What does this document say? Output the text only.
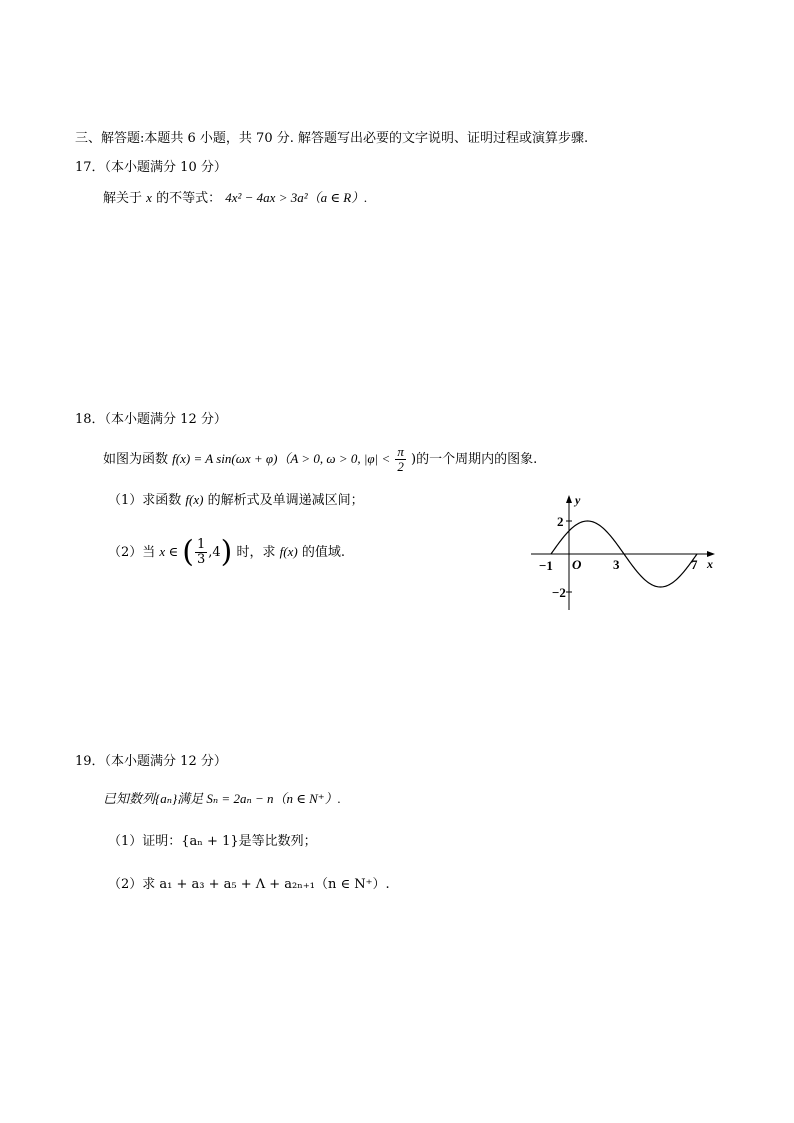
三、解答题:本题共 6 小题，共 70 分. 解答题写出必要的文字说明、证明过程或演算步骤.
17．（本小题满分 10 分）
解关于 x 的不等式： 4x² − 4ax > 3a²（a ∈ R）.
18．（本小题满分 12 分）
如图为函数 f(x) = A sin(ωx + φ)（A > 0, ω > 0, $|\varphi| < \frac{\pi}{2}$ )的一个周期内的图象.
（1）求函数 f(x) 的解析式及单调递减区间；
（2）当 x ∈ ( $\frac{1}{3} ,4$) 时，求 f(x) 的值域.
y
x
O
−1	3	7
2
−2
19．（本小题满分 12 分）
已知数列{aₙ}满足 Sₙ = 2aₙ − n（n ∈ N⁺）.
（1）证明：{aₙ + 1}是等比数列；
（2）求 a₁ + a₃ + a₅ + Λ + a₂ₙ₊₁（n ∈ N⁺）.
